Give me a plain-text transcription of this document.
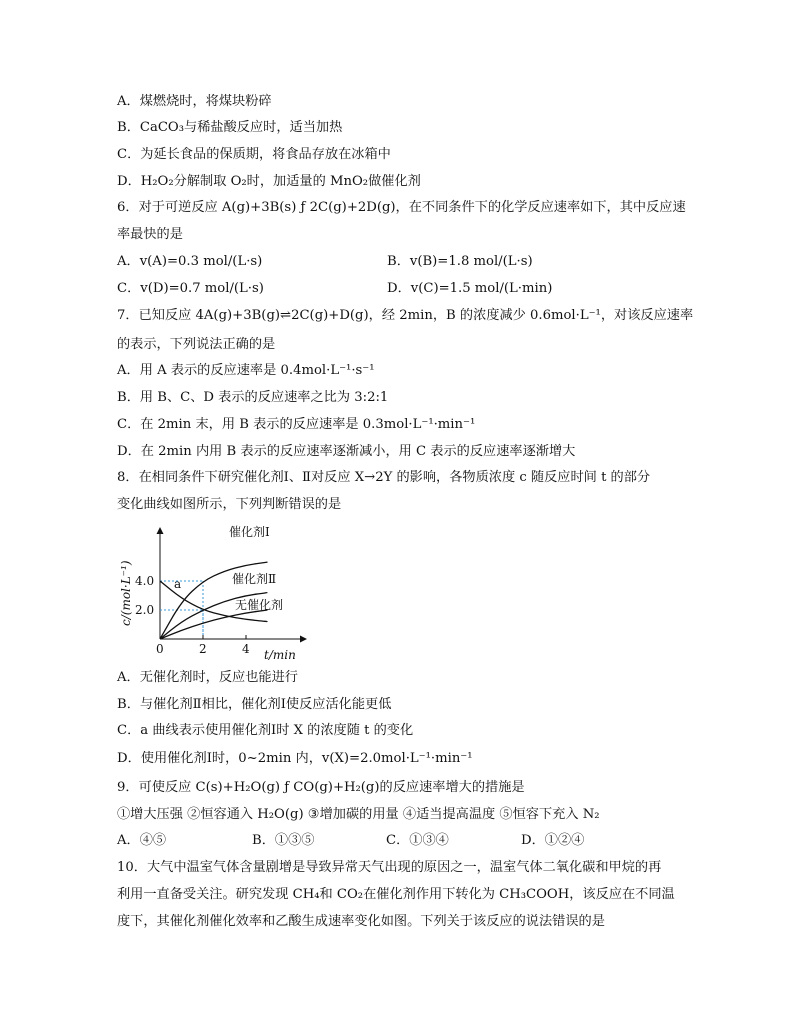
A．煤燃烧时，将煤块粉碎
B．CaCO₃与稀盐酸反应时，适当加热
C．为延长食品的保质期，将食品存放在冰箱中
D．H₂O₂分解制取 O₂时，加适量的 MnO₂做催化剂
6．对于可逆反应 A(g)+3B(s) ƒ 2C(g)+2D(g)，在不同条件下的化学反应速率如下，其中反应速
率最快的是
A．v(A)=0.3 mol/(L·s)	B．v(B)=1.8 mol/(L·s)
C．v(D)=0.7 mol/(L·s)	D．v(C)=1.5 mol/(L·min)
7．已知反应 4A(g)+3B(g)⇌2C(g)+D(g)，经 2min，B 的浓度减少 0.6mol·L⁻¹，对该反应速率
的表示，下列说法正确的是
A．用 A 表示的反应速率是 0.4mol·L⁻¹·s⁻¹
B．用 B、C、D 表示的反应速率之比为 3:2:1
C．在 2min 末，用 B 表示的反应速率是 0.3mol·L⁻¹·min⁻¹
D．在 2min 内用 B 表示的反应速率逐渐减小，用 C 表示的反应速率逐渐增大
8．在相同条件下研究催化剂Ⅰ、Ⅱ对反应 X→2Y 的影响，各物质浓度 c 随反应时间 t 的部分
变化曲线如图所示，下列判断错误的是
0	2	4
2.0
4.0
c/(mol·L⁻¹)
t/min
a
催化剂Ⅰ
催化剂Ⅱ
无催化剂
A．无催化剂时，反应也能进行
B．与催化剂Ⅱ相比，催化剂Ⅰ使反应活化能更低
C．a 曲线表示使用催化剂Ⅰ时 X 的浓度随 t 的变化
D．使用催化剂Ⅰ时，0~2min 内，v(X)=2.0mol·L⁻¹·min⁻¹
9．可使反应 C(s)+H₂O(g) ƒ CO(g)+H₂(g)的反应速率增大的措施是
①增大压强 ②恒容通入 H₂O(g) ③增加碳的用量 ④适当提高温度 ⑤恒容下充入 N₂
A．④⑤	B．①③⑤	C．①③④	D．①②④
10．大气中温室气体含量剧增是导致异常天气出现的原因之一，温室气体二氧化碳和甲烷的再
利用一直备受关注。研究发现 CH₄和 CO₂在催化剂作用下转化为 CH₃COOH，该反应在不同温
度下，其催化剂催化效率和乙酸生成速率变化如图。下列关于该反应的说法错误的是
